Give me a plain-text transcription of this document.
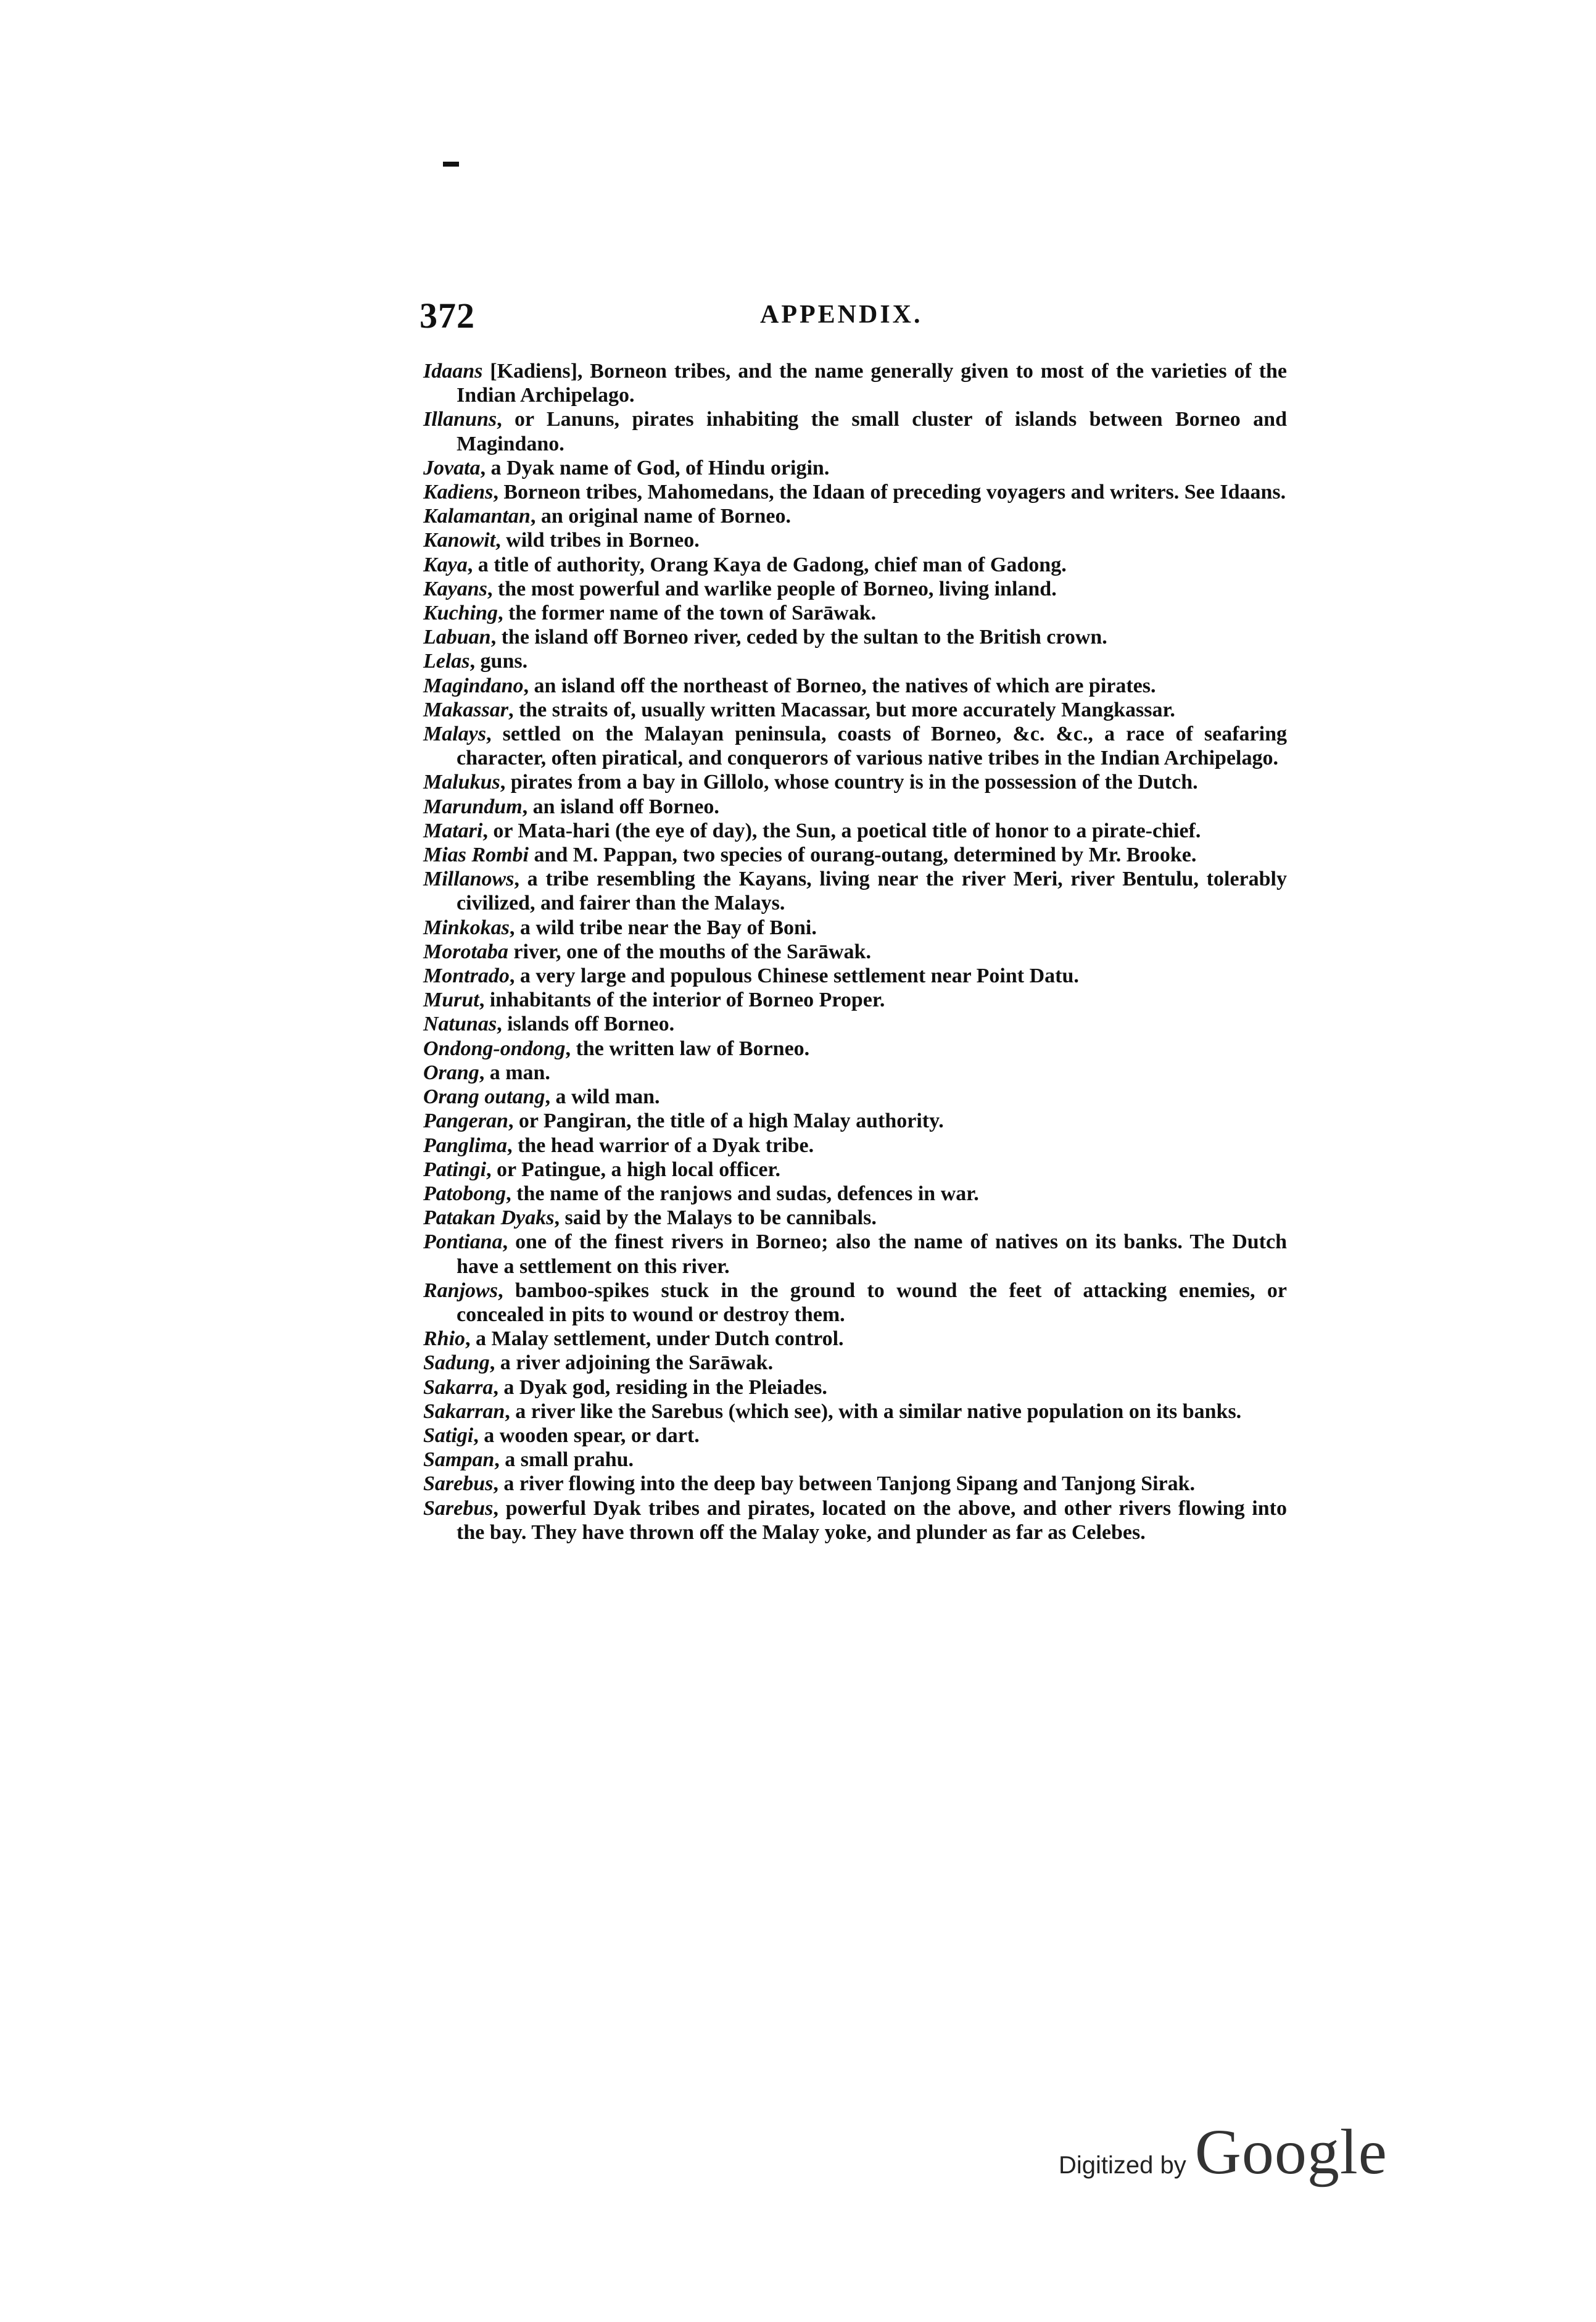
372	APPENDIX.

Idaans [Kadiens], Borneon tribes, and the name generally given to most of the varieties of the Indian Archipelago.

Illanuns, or Lanuns, pirates inhabiting the small cluster of islands between Borneo and Magindano.

Jovata, a Dyak name of God, of Hindu origin.

Kadiens, Borneon tribes, Mahomedans, the Idaan of preceding voyagers and writers. See Idaans.

Kalamantan, an original name of Borneo.

Kanowit, wild tribes in Borneo.

Kaya, a title of authority, Orang Kaya de Gadong, chief man of Gadong.

Kayans, the most powerful and warlike people of Borneo, living inland.

Kuching, the former name of the town of Sarāwak.

Labuan, the island off Borneo river, ceded by the sultan to the British crown.

Lelas, guns.

Magindano, an island off the northeast of Borneo, the natives of which are pirates.

Makassar, the straits of, usually written Macassar, but more accurately Mangkassar.

Malays, settled on the Malayan peninsula, coasts of Borneo, &c. &c., a race of seafaring character, often piratical, and conquerors of various native tribes in the Indian Archipelago.

Malukus, pirates from a bay in Gillolo, whose country is in the possession of the Dutch.

Marundum, an island off Borneo.

Matari, or Mata-hari (the eye of day), the Sun, a poetical title of honor to a pirate-chief.

Mias Rombi and M. Pappan, two species of ourang-outang, determined by Mr. Brooke.

Millanows, a tribe resembling the Kayans, living near the river Meri, river Bentulu, tolerably civilized, and fairer than the Malays.

Minkokas, a wild tribe near the Bay of Boni.

Morotaba river, one of the mouths of the Sarāwak.

Montrado, a very large and populous Chinese settlement near Point Datu.

Murut, inhabitants of the interior of Borneo Proper.

Natunas, islands off Borneo.

Ondong-ondong, the written law of Borneo.

Orang, a man.

Orang outang, a wild man.

Pangeran, or Pangiran, the title of a high Malay authority.

Panglima, the head warrior of a Dyak tribe.

Patingi, or Patingue, a high local officer.

Patobong, the name of the ranjows and sudas, defences in war.

Patakan Dyaks, said by the Malays to be cannibals.

Pontiana, one of the finest rivers in Borneo; also the name of natives on its banks. The Dutch have a settlement on this river.

Ranjows, bamboo-spikes stuck in the ground to wound the feet of attacking enemies, or concealed in pits to wound or destroy them.

Rhio, a Malay settlement, under Dutch control.

Sadung, a river adjoining the Sarāwak.

Sakarra, a Dyak god, residing in the Pleiades.

Sakarran, a river like the Sarebus (which see), with a similar native population on its banks.

Satigi, a wooden spear, or dart.

Sampan, a small prahu.

Sarebus, a river flowing into the deep bay between Tanjong Sipang and Tanjong Sirak.

Sarebus, powerful Dyak tribes and pirates, located on the above, and other rivers flowing into the bay. They have thrown off the Malay yoke, and plunder as far as Celebes.

Digitized by Google
